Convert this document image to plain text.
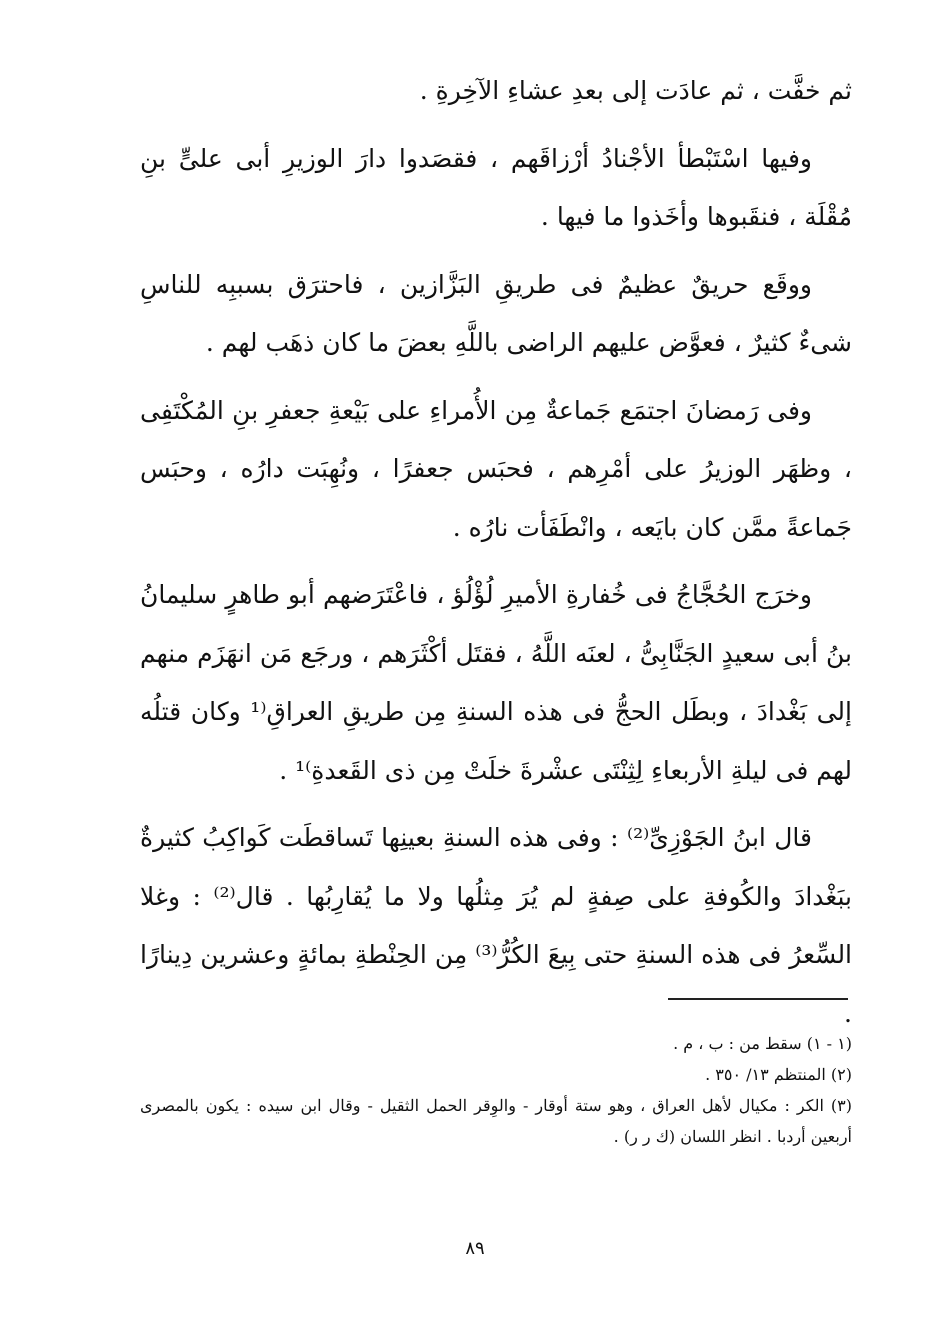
ثم خفَّت ، ثم عادَت إلى بعدِ عشاءِ الآخِرةِ .

وفيها اسْتَبْطأ الأجْنادُ أرْزاقَهم ، فقصَدوا دارَ الوزيرِ أبى علىٍّ بنِ مُقْلَة ، فنقَبوها وأخَذوا ما فيها .

ووقَع حريقٌ عظيمٌ فى طريقِ البَزَّازين ، فاحترَق بسببِه للناسِ شىءٌ كثيرٌ ، فعوَّض عليهم الراضى باللَّهِ بعضَ ما كان ذهَب لهم .

وفى رَمضانَ اجتمَع جَماعةٌ مِن الأُمراءِ على بَيْعةِ جعفرِ بنِ المُكْتَفِى ، وظهَر الوزيرُ على أمْرِهم ، فحبَس جعفرًا ، ونُهِبَت دارُه ، وحبَس جَماعةً ممَّن كان بايَعه ، وانْطَفَأت نارُه .

وخرَج الحُجَّاجُ فى خُفارةِ الأميرِ لُؤْلُؤ ، فاعْتَرَضهم أبو طاهرٍ سليمانُ بنُ أبى سعيدٍ الجَنَّابِىُّ ، لعنَه اللَّهُ ، فقتَل أكْثَرَهم ، ورجَع مَن انهَزَم منهم إلى بَغْدادَ ، وبطَل الحجُّ فى هذه السنةِ مِن طريقِ العراقِ⁽¹ وكان قتلُه لهم فى ليلةِ الأربعاءِ لِثِنْتَى عشْرةَ خلَتْ مِن ذى القَعدةِ⁾¹ .

قال ابنُ الجَوْزِىِّ⁽²⁾ : وفى هذه السنةِ بعينِها تَساقطَت كَواكِبُ كثيرةٌ ببَغْدادَ والكُوفةِ على صِفةٍ لم يُرَ مِثلُها ولا ما يُقارِبُها . قال⁽²⁾ : وغلا السِّعرُ فى هذه السنةِ حتى بِيعَ الكُرُّ⁽³⁾ مِن الحِنْطةِ بمائةٍ وعشرين دِينارًا .

(١ - ١) سقط من : ب ، م .

(٢) المنتظم ١٣/ ٣٥٠ .

(٣) الكر : مكيال لأهل العراق ، وهو ستة أوقار - والوِقر الحمل الثقيل - وقال ابن سيده : يكون بالمصرى أربعين أردبا . انظر اللسان (ك ر ر) .

٨٩
